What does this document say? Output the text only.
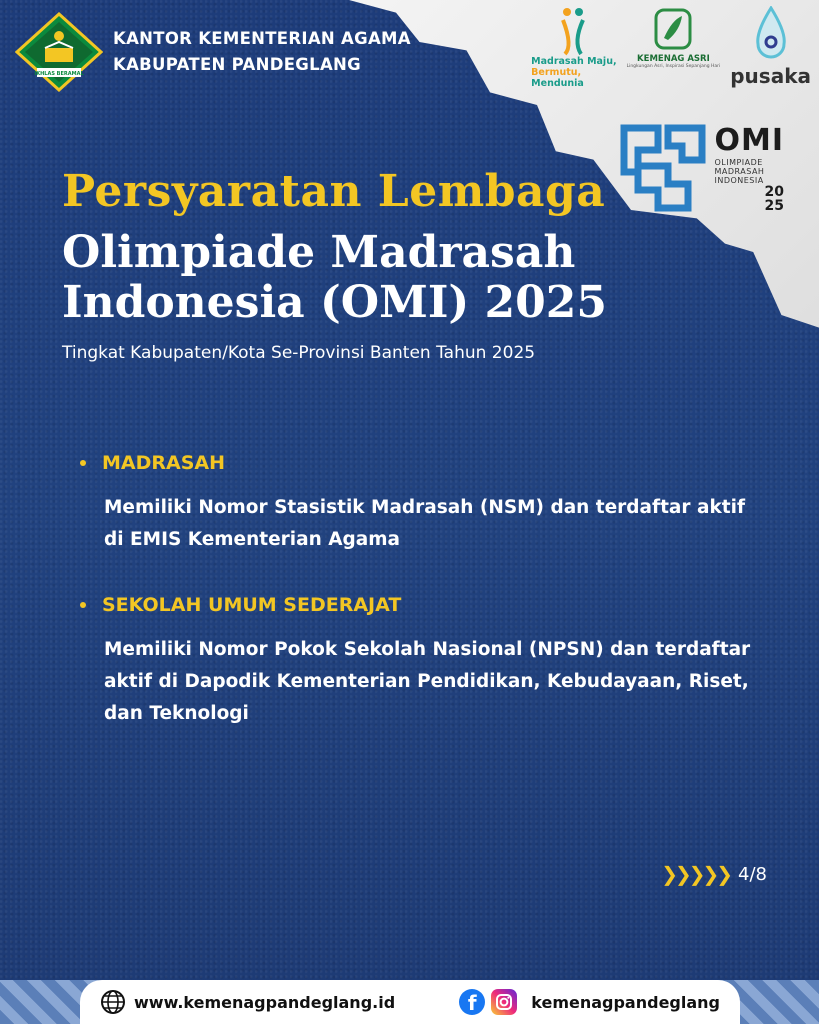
IKHLAS BERAMAL
KANTOR KEMENTERIAN AGAMA
KABUPATEN PANDEGLANG	Madrasah Maju,
Bermutu,
Mendunia
KEMENAG ASRI
Lingkungan Asri, Inspirasi Sepanjang Hari pusaka
OMI
OLIMPIADE
MADRASAH
INDONESIA
20
25
Persyaratan Lembaga
Olimpiade Madrasah Indonesia (OMI) 2025
Tingkat Kabupaten/Kota Se-Provinsi Banten Tahun 2025
MADRASAH
Memiliki Nomor Stasistik Madrasah (NSM) dan terdaftar aktif di EMIS Kementerian Agama
SEKOLAH UMUM SEDERAJAT
Memiliki Nomor Pokok Sekolah Nasional (NPSN) dan terdaftar aktif di Dapodik Kementerian Pendidikan, Kebudayaan, Riset, dan Teknologi
❯❯❯❯❯ 4/8
www.kemenagpandeglang.id	f	kemenagpandeglang
